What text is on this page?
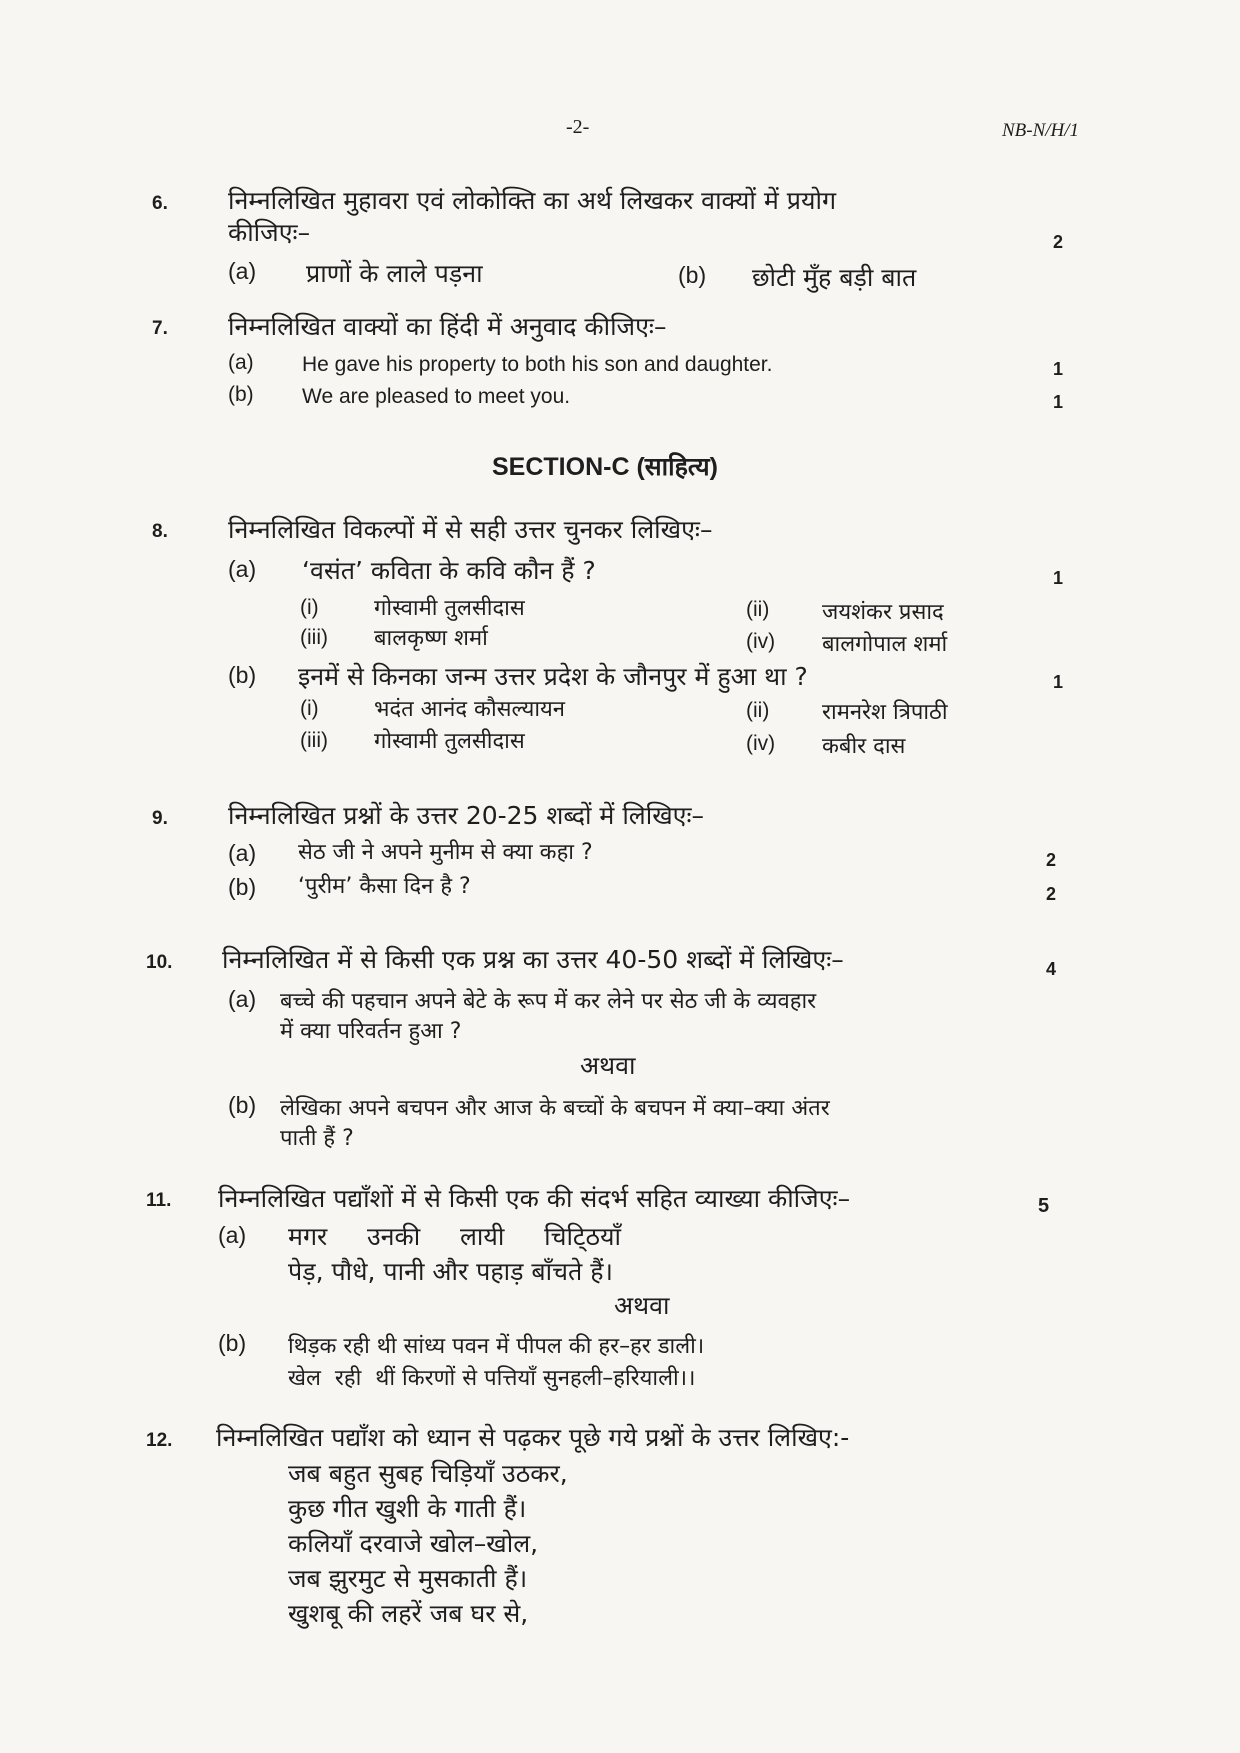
-2-	NB-N/H/1
6. निम्नलिखित मुहावरा एवं लोकोक्ति का अर्थ लिखकर वाक्यों में प्रयोग
कीजिएः–	2
(a) प्राणों के लाले पड़ना	(b) छोटी मुँह बड़ी बात
7. निम्नलिखित वाक्यों का हिंदी में अनुवाद कीजिएः–
(a) He gave his property to both his son and daughter.	1
(b) We are pleased to meet you.	1
SECTION-C (साहित्य)
8. निम्नलिखित विकल्पों में से सही उत्तर चुनकर लिखिएः–
(a) ‘वसंत’ कविता के कवि कौन हैं ?	1
(i)	गोस्वामी तुलसीदास	(ii) जयशंकर प्रसाद
(iii) बालकृष्ण शर्मा	(iv) बालगोपाल शर्मा
(b) इनमें से किनका जन्म उत्तर प्रदेश के जौनपुर में हुआ था ?	1
(i)	भदंत आनंद कौसल्यायन	(ii) रामनरेश त्रिपाठी
(iii) गोस्वामी तुलसीदास	(iv) कबीर दास
9. निम्नलिखित प्रश्नों के उत्तर 20-25 शब्दों में लिखिएः–
(a) सेठ जी ने अपने मुनीम से क्या कहा ?	2
(b) ‘पुरीम’ कैसा दिन है ?	2
10. निम्नलिखित में से किसी एक प्रश्न का उत्तर 40-50 शब्दों में लिखिएः–	4
(a) बच्चे की पहचान अपने बेटे के रूप में कर लेने पर सेठ जी के व्यवहार
में क्या परिवर्तन हुआ ?
अथवा
(b) लेखिका अपने बचपन और आज के बच्चों के बचपन में क्या–क्या अंतर
पाती हैं ?
11. निम्नलिखित पद्याँशों में से किसी एक की संदर्भ सहित व्याख्या कीजिएः–	5
(a) मगर     उनकी     लायी     चिटि्ठयाँ
पेड़, पौधे, पानी और पहाड़ बाँचते हैं।
अथवा
(b) थिड़क रही थी सांध्य पवन में पीपल की हर–हर डाली।
खेल  रही  थीं किरणों से पत्तियाँ सुनहली–हरियाली।।
12. निम्नलिखित पद्याँश को ध्यान से पढ़कर पूछे गये प्रश्नों के उत्तर लिखिए:-
जब बहुत सुबह चिड़ियाँ उठकर,
कुछ गीत खुशी के गाती हैं।
कलियाँ दरवाजे खोल–खोल,
जब झुरमुट से मुसकाती हैं।
खुशबू की लहरें जब घर से,
